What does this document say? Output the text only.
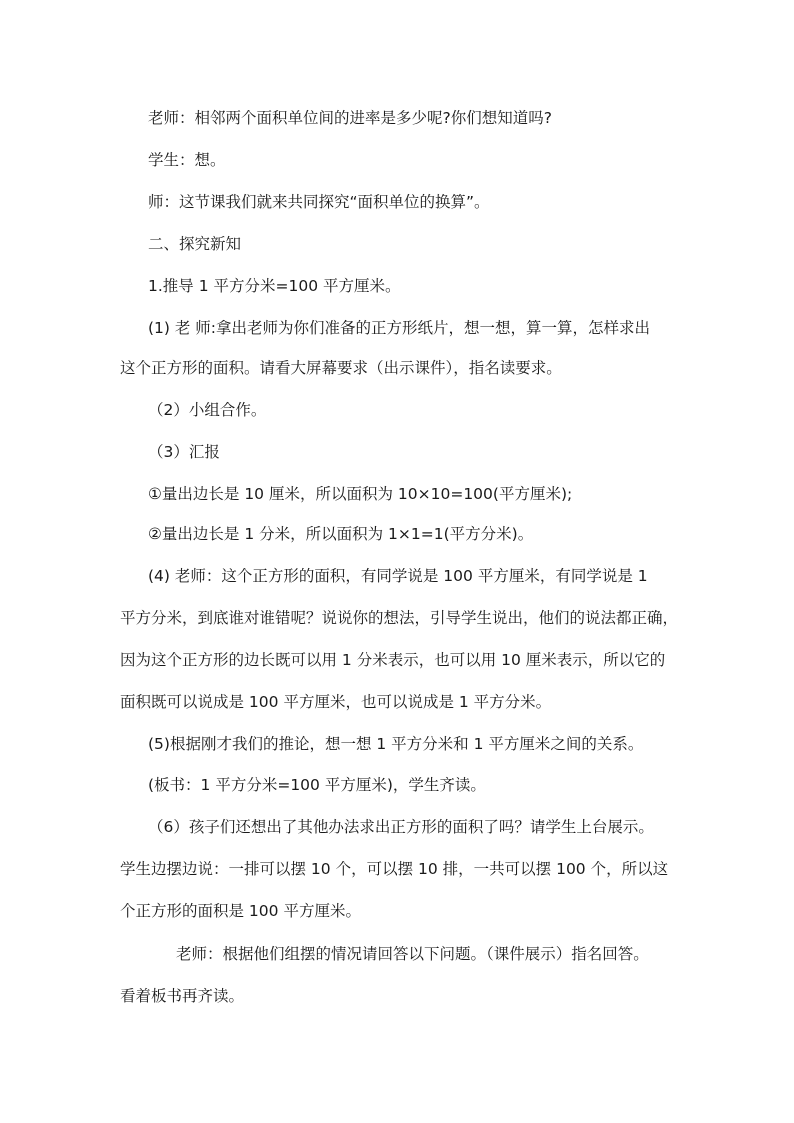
老师：相邻两个面积单位间的进率是多少呢?你们想知道吗?
学生：想。
师：这节课我们就来共同探究“面积单位的换算”。
二、探究新知
1.推导 1 平方分米=100 平方厘米。
(1) 老 师:拿出老师为你们准备的正方形纸片，想一想，算一算，怎样求出
这个正方形的面积。请看大屏幕要求（出示课件），指名读要求。
（2）小组合作。
（3）汇报
①量出边长是 10 厘米，所以面积为 10×10=100(平方厘米);
②量出边长是 1 分米，所以面积为 1×1=1(平方分米)。
(4) 老师：这个正方形的面积，有同学说是 100 平方厘米，有同学说是 1
平方分米，到底谁对谁错呢？说说你的想法，引导学生说出，他们的说法都正确，
因为这个正方形的边长既可以用 1 分米表示，也可以用 10 厘米表示，所以它的
面积既可以说成是 100 平方厘米，也可以说成是 1 平方分米。
(5)根据刚才我们的推论，想一想 1 平方分米和 1 平方厘米之间的关系。
(板书：1 平方分米=100 平方厘米)，学生齐读。
（6）孩子们还想出了其他办法求出正方形的面积了吗？请学生上台展示。
学生边摆边说：一排可以摆 10 个，可以摆 10 排，一共可以摆 100 个，所以这
个正方形的面积是 100 平方厘米。
老师：根据他们组摆的情况请回答以下问题。（课件展示）指名回答。
看着板书再齐读。
